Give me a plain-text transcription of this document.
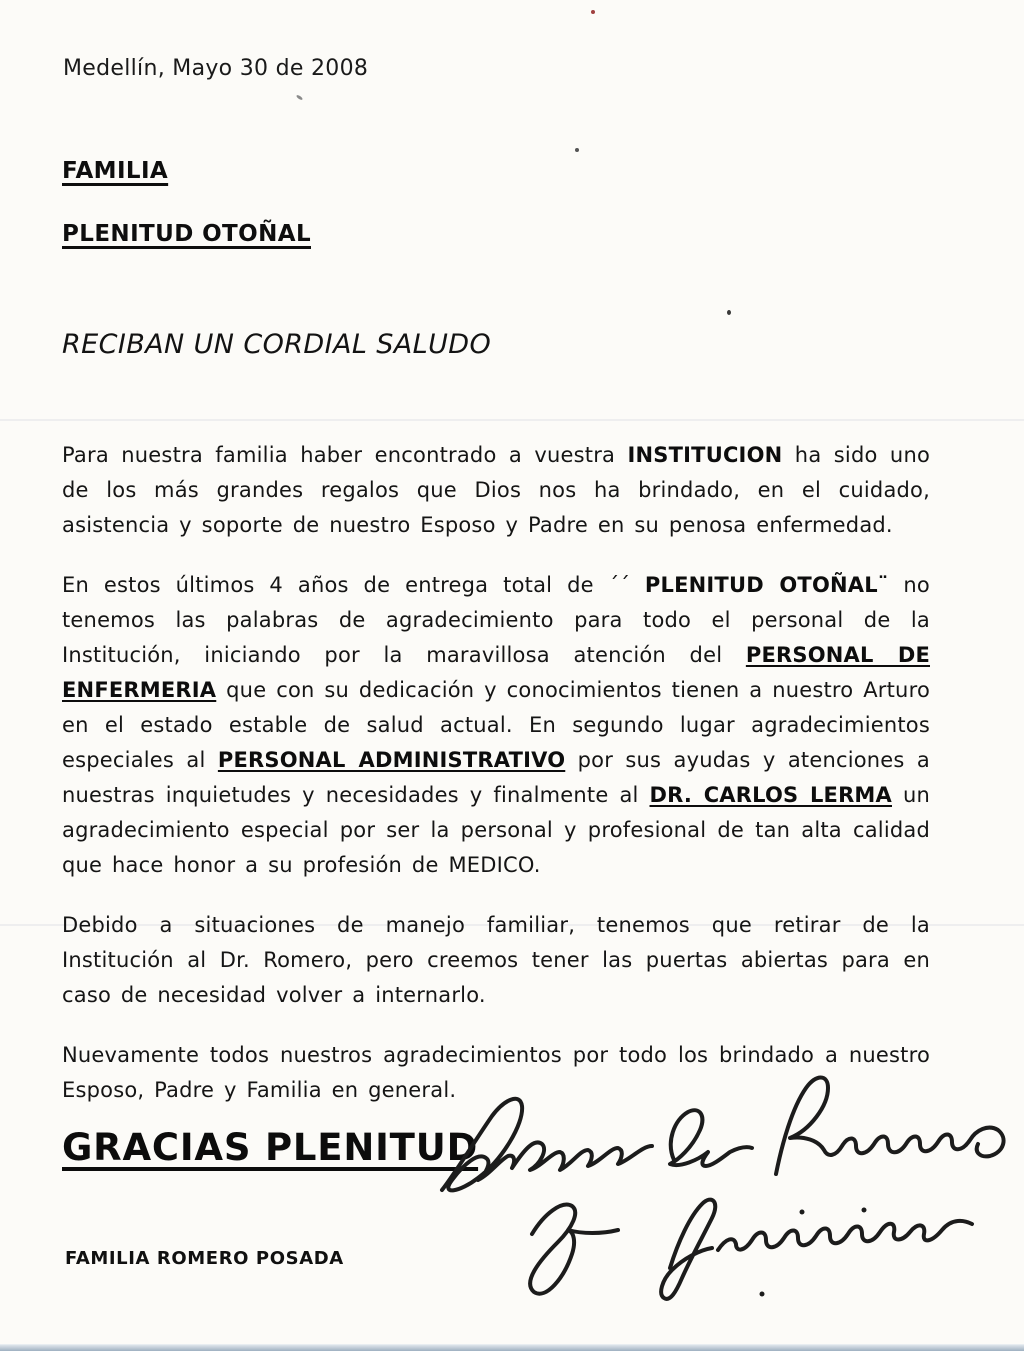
Medellín, Mayo 30 de 2008
FAMILIA
PLENITUD OTOÑAL
RECIBAN UN CORDIAL SALUDO

Para nuestra familia haber encontrado a vuestra INSTITUCION ha sido uno de los más grandes regalos que Dios nos ha brindado, en el cuidado, asistencia y soporte de nuestro Esposo y Padre en su penosa enfermedad.

En estos últimos 4 años de entrega total de ´´ PLENITUD OTOÑAL¨ no tenemos las palabras de agradecimiento para todo el personal de la Institución, iniciando por la maravillosa atención del PERSONAL DE ENFERMERIA que con su dedicación y conocimientos tienen a nuestro Arturo en el estado estable de salud actual. En segundo lugar agradecimientos especiales al PERSONAL ADMINISTRATIVO por sus ayudas y atenciones a nuestras inquietudes y necesidades y finalmente al DR. CARLOS LERMA un agradecimiento especial por ser la personal y profesional de tan alta calidad que hace honor a su profesión de MEDICO.

Debido a situaciones de manejo familiar, tenemos que retirar de la Institución al Dr. Romero, pero creemos tener las puertas abiertas para en caso de necesidad volver a internarlo.

Nuevamente todos nuestros agradecimientos por todo los brindado a nuestro Esposo, Padre y Familia en general.

GRACIAS PLENITUD
FAMILIA ROMERO POSADA
